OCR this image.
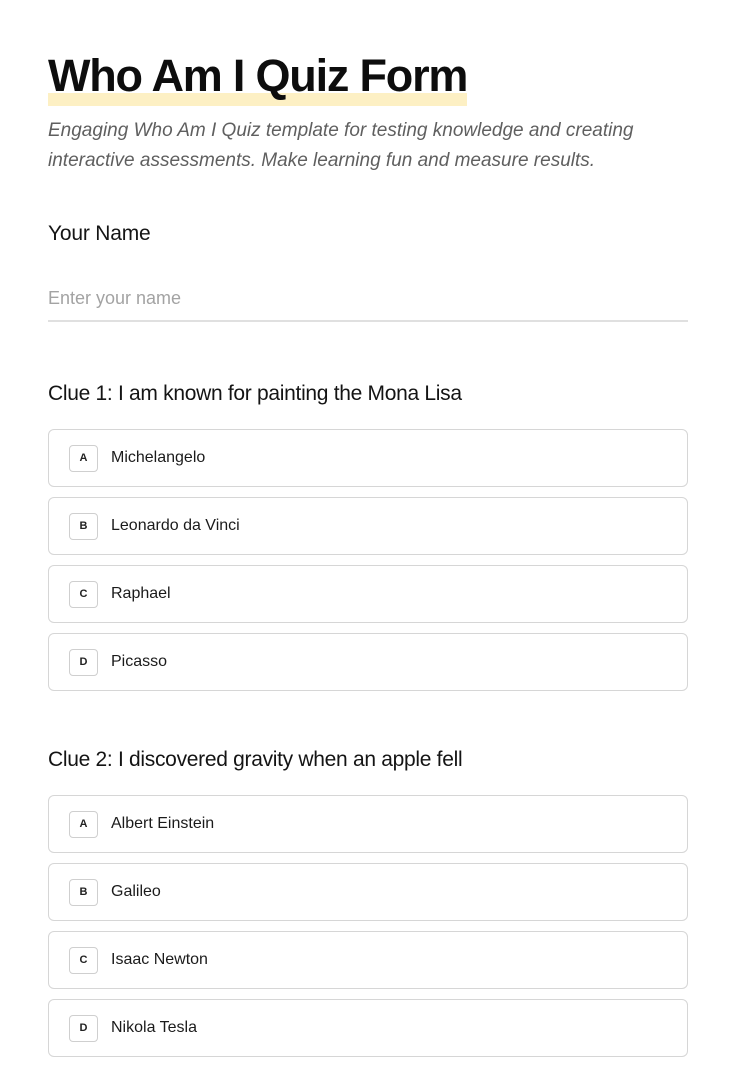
Who Am I Quiz Form

Engaging Who Am I Quiz template for testing knowledge and creating interactive assessments. Make learning fun and measure results.

Your Name
Enter your name
Clue 1: I am known for painting the Mona Lisa
A	Michelangelo
B	Leonardo da Vinci
C	Raphael
D	Picasso
Clue 2: I discovered gravity when an apple fell
A	Albert Einstein
B	Galileo
C	Isaac Newton
D	Nikola Tesla
